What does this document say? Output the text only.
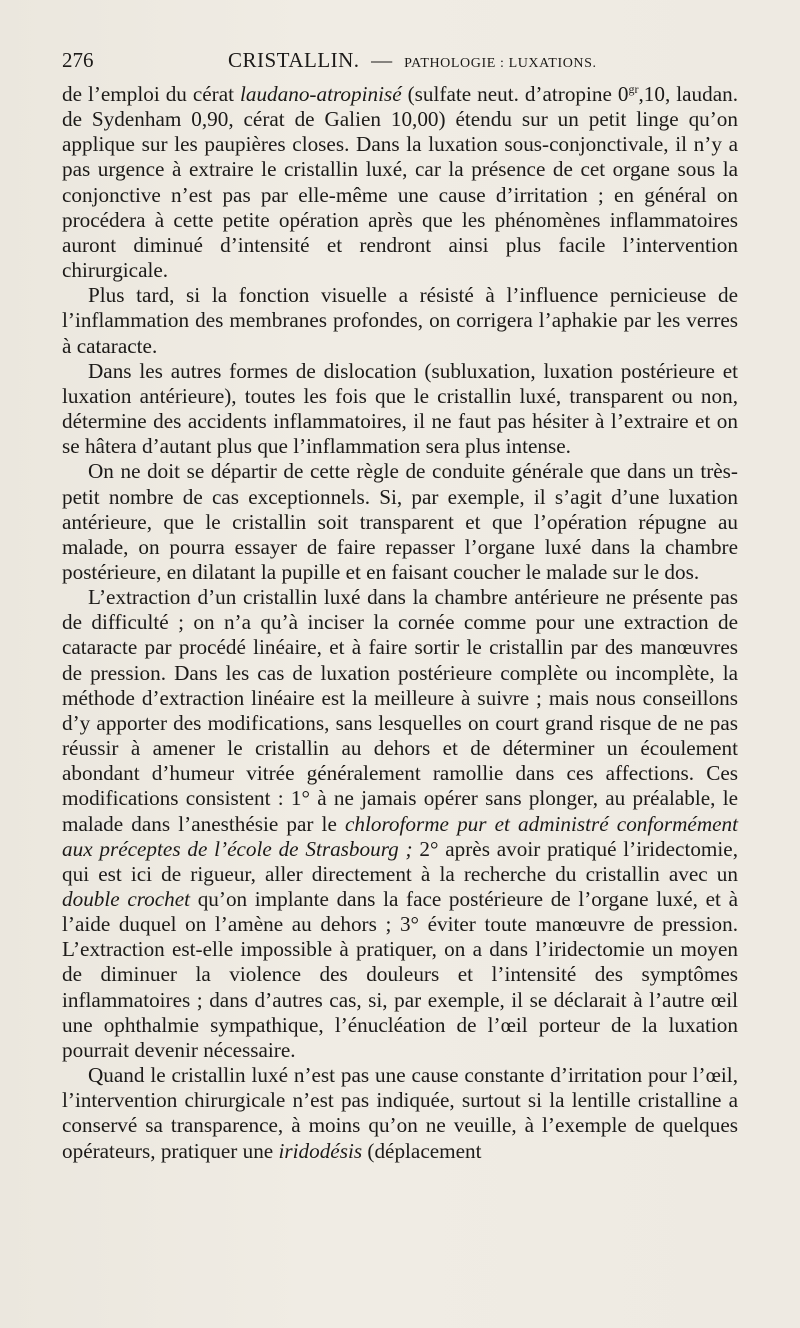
276	CRISTALLIN. — PATHOLOGIE : LUXATIONS.

de l’emploi du cérat laudano-atropinisé (sulfate neut. d’atropine $0^{gr},10$, laudan. de Sydenham 0,90, cérat de Galien 10,00) étendu sur un petit linge qu’on applique sur les paupières closes. Dans la luxation sous-conjonctivale, il n’y a pas urgence à extraire le cristallin luxé, car la présence de cet organe sous la conjonctive n’est pas par elle-même une cause d’irritation ; en général on procédera à cette petite opération après que les phénomènes inflammatoires auront diminué d’intensité et rendront ainsi plus facile l’intervention chirurgicale.

Plus tard, si la fonction visuelle a résisté à l’influence pernicieuse de l’inflammation des membranes profondes, on corrigera l’aphakie par les verres à cataracte.

Dans les autres formes de dislocation (subluxation, luxation postérieure et luxation antérieure), toutes les fois que le cristallin luxé, transparent ou non, détermine des accidents inflammatoires, il ne faut pas hésiter à l’extraire et on se hâtera d’autant plus que l’inflammation sera plus intense.

On ne doit se départir de cette règle de conduite générale que dans un très-petit nombre de cas exceptionnels. Si, par exemple, il s’agit d’une luxation antérieure, que le cristallin soit transparent et que l’opération répugne au malade, on pourra essayer de faire repasser l’organe luxé dans la chambre postérieure, en dilatant la pupille et en faisant coucher le malade sur le dos.

L’extraction d’un cristallin luxé dans la chambre antérieure ne présente pas de difficulté ; on n’a qu’à inciser la cornée comme pour une extraction de cataracte par procédé linéaire, et à faire sortir le cristallin par des manœuvres de pression. Dans les cas de luxation postérieure complète ou incomplète, la méthode d’extraction linéaire est la meilleure à suivre ; mais nous conseillons d’y apporter des modifications, sans lesquelles on court grand risque de ne pas réussir à amener le cristallin au dehors et de déterminer un écoulement abondant d’humeur vitrée généralement ramollie dans ces affections. Ces modifications consistent : 1° à ne jamais opérer sans plonger, au préalable, le malade dans l’anesthésie par le chloroforme pur et administré conformément aux préceptes de l’école de Strasbourg ; 2° après avoir pratiqué l’iridectomie, qui est ici de rigueur, aller directement à la recherche du cristallin avec un double crochet qu’on implante dans la face postérieure de l’organe luxé, et à l’aide duquel on l’amène au dehors ; 3° éviter toute manœuvre de pression. L’extraction est-elle impossible à pratiquer, on a dans l’iridectomie un moyen de diminuer la violence des douleurs et l’intensité des symptômes inflammatoires ; dans d’autres cas, si, par exemple, il se déclarait à l’autre œil une ophthalmie sympathique, l’énucléation de l’œil porteur de la luxation pourrait devenir nécessaire.

Quand le cristallin luxé n’est pas une cause constante d’irritation pour l’œil, l’intervention chirurgicale n’est pas indiquée, surtout si la lentille cristalline a conservé sa transparence, à moins qu’on ne veuille, à l’exemple de quelques opérateurs, pratiquer une iridodésis (déplacement
